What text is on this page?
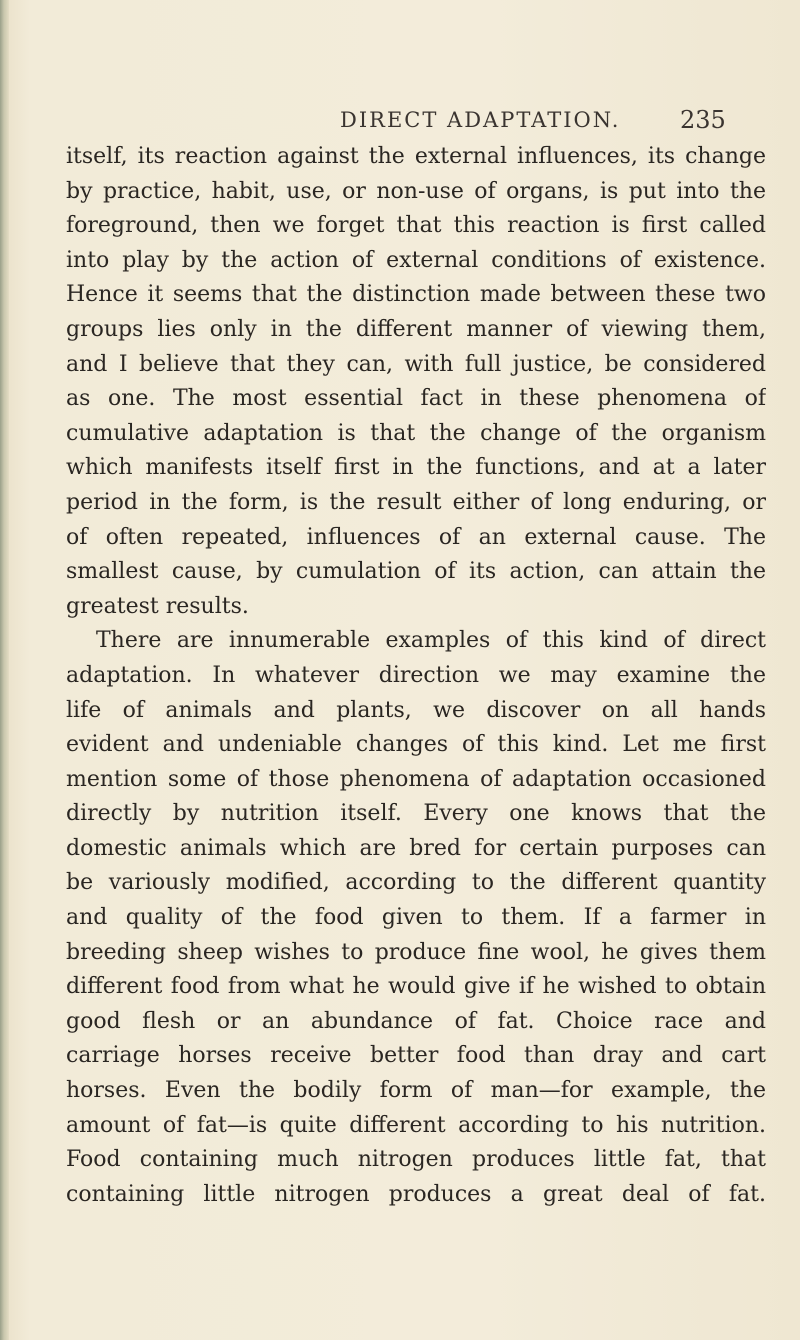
DIRECT ADAPTATION. 235
itself, its reaction against the external influences, its change
by practice, habit, use, or non-use of organs, is put into the
foreground, then we forget that this reaction is first called
into play by the action of external conditions of existence.
Hence it seems that the distinction made between these two
groups lies only in the different manner of viewing them,
and I believe that they can, with full justice, be considered
as one. The most essential fact in these phenomena of
cumulative adaptation is that the change of the organism
which manifests itself first in the functions, and at a later
period in the form, is the result either of long enduring, or
of often repeated, influences of an external cause. The
smallest cause, by cumulation of its action, can attain the
greatest results.
There are innumerable examples of this kind of direct
adaptation. In whatever direction we may examine the
life of animals and plants, we discover on all hands
evident and undeniable changes of this kind. Let me first
mention some of those phenomena of adaptation occasioned
directly by nutrition itself. Every one knows that the
domestic animals which are bred for certain purposes can
be variously modified, according to the different quantity
and quality of the food given to them. If a farmer in
breeding sheep wishes to produce fine wool, he gives them
different food from what he would give if he wished to obtain
good flesh or an abundance of fat. Choice race and
carriage horses receive better food than dray and cart
horses. Even the bodily form of man—for example, the
amount of fat—is quite different according to his nutrition.
Food containing much nitrogen produces little fat, that
containing little nitrogen produces a great deal of fat.
